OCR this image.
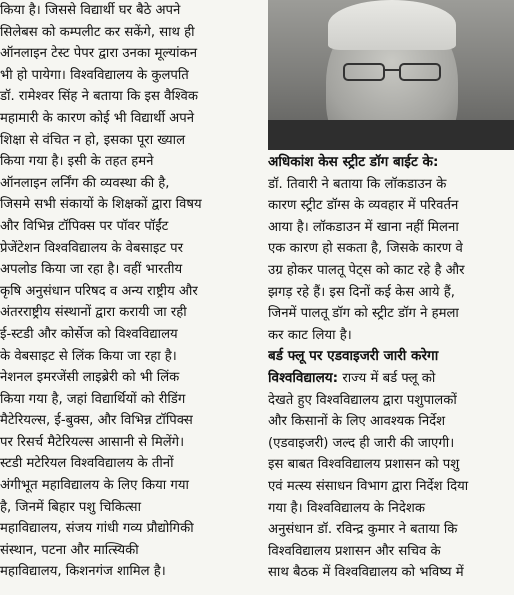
किया है। जिससे विद्यार्थी घर बैठे अपने
सिलेबस को कम्पलीट कर सकेंगे, साथ ही
ऑनलाइन टेस्ट पेपर द्वारा उनका मूल्यांकन
भी हो पायेगा। विश्वविद्यालय के कुलपति
डॉ. रामेश्वर सिंह ने बताया कि इस वैश्विक
महामारी के कारण कोई भी विद्यार्थी अपने
शिक्षा से वंचित न हो, इसका पूरा ख्याल
किया गया है। इसी के तहत हमने
ऑनलाइन लर्निंग की व्यवस्था की है,
जिसमे सभी संकायों के शिक्षकों द्वारा विषय
और विभिन्न टॉपिक्स पर पॉवर पॉईंट
प्रेजेंटेशन विश्वविद्यालय के वेबसाइट पर
अपलोड किया जा रहा है। वहीं भारतीय
कृषि अनुसंधान परिषद व अन्य राष्ट्रीय और
अंतरराष्ट्रीय संस्थानों द्वारा करायी जा रही
ई-स्टडी और कोर्सेज को विश्वविद्यालय
के वेबसाइट से लिंक किया जा रहा है।
नेशनल इमरजेंसी लाइब्रेरी को भी लिंक
किया गया है, जहां विद्यार्थियों को रीडिंग
मैटेरियल्स, ई-बुक्स, और विभिन्न टॉपिक्स
पर रिसर्च मैटेरियल्स आसानी से मिलेंगे।
स्टडी मटेरियल विश्वविद्यालय के तीनों
अंगीभूत महाविद्यालय के लिए किया गया
है, जिनमें बिहार पशु चिकित्सा
महाविद्यालय, संजय गांधी गव्य प्रौद्योगिकी
संस्थान, पटना और मात्स्यिकी
महाविद्यालय, किशनगंज शामिल है।
अधिकांश केस स्ट्रीट डॉग बाईट के:
डॉ. तिवारी ने बताया कि लॉकडाउन के
कारण स्ट्रीट डॉग्स के व्यवहार में परिवर्तन
आया है। लॉकडाउन में खाना नहीं मिलना
एक कारण हो सकता है, जिसके कारण वे
उग्र होकर पालतू पेट्स को काट रहे है और
झगड़ रहे हैं। इस दिनों कई केस आये हैं,
जिनमें पालतू डॉग को स्ट्रीट डॉग ने हमला
कर काट लिया है।
बर्ड फ्लू पर एडवाइजरी जारी करेगा
विश्वविद्यालय: राज्य में बर्ड फ्लू को
देखते हुए विश्वविद्यालय द्वारा पशुपालकों
और किसानों के लिए आवश्यक निर्देश
(एडवाइजरी) जल्द ही जारी की जाएगी।
इस बाबत विश्वविद्यालय प्रशासन को पशु
एवं मत्स्य संसाधन विभाग द्वारा निर्देश दिया
गया है। विश्वविद्यालय के निदेशक
अनुसंधान डॉ. रविन्द्र कुमार ने बताया कि
विश्वविद्यालय प्रशासन और सचिव के
साथ बैठक में विश्वविद्यालय को भविष्य में
